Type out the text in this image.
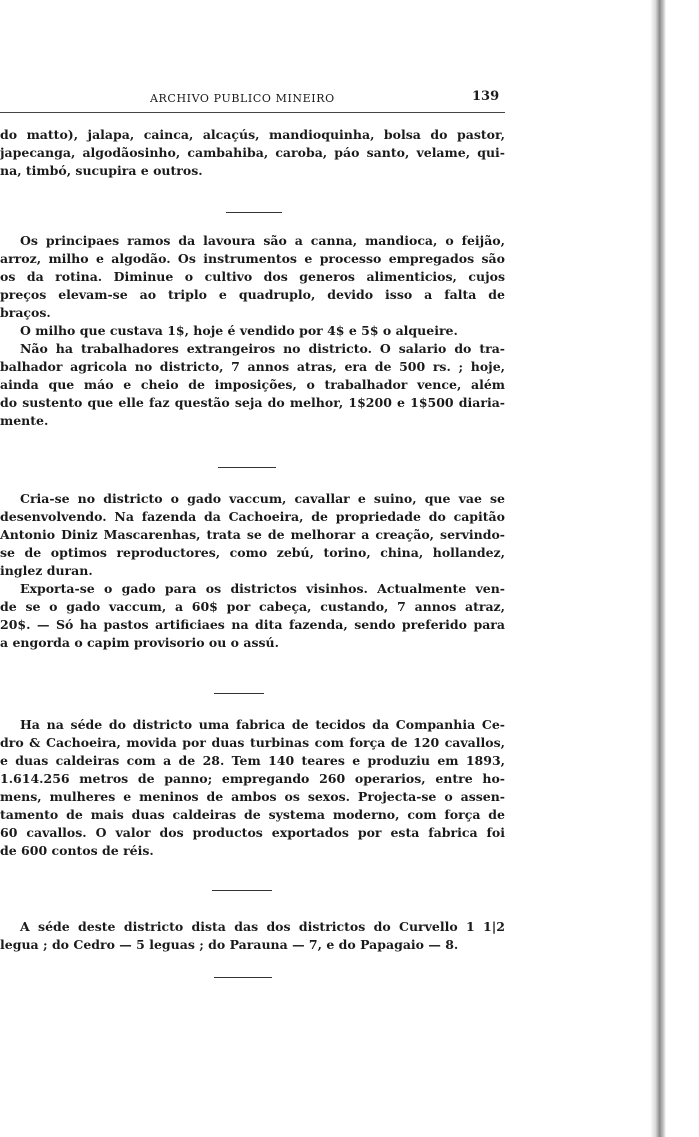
ARCHIVO PUBLICO MINEIRO	139
do matto), jalapa, cainca, alcaçús, mandioquinha, bolsa do pastor,
japecanga, algodãosinho, cambahiba, caroba, páo santo, velame, qui-
na, timbó, sucupira e outros.
Os principaes ramos da lavoura são a canna, mandioca, o feijão,
arroz, milho e algodão. Os instrumentos e processo empregados são
os da rotina. Diminue o cultivo dos generos alimenticios, cujos
preços elevam-se ao triplo e quadruplo, devido isso a falta de
braços.
O milho que custava 1$, hoje é vendido por 4$ e 5$ o alqueire.
Não ha trabalhadores extrangeiros no districto. O salario do tra-
balhador agricola no districto, 7 annos atras, era de 500 rs. ; hoje,
ainda que máo e cheio de imposições, o trabalhador vence, além
do sustento que elle faz questão seja do melhor, 1$200 e 1$500 diaria-
mente.
Cria-se no districto o gado vaccum, cavallar e suino, que vae se
desenvolvendo. Na fazenda da Cachoeira, de propriedade do capitão
Antonio Diniz Mascarenhas, trata se de melhorar a creação, servindo-
se de optimos reproductores, como zebú, torino, china, hollandez,
inglez duran.
Exporta-se o gado para os districtos visinhos. Actualmente ven-
de se o gado vaccum, a 60$ por cabeça, custando, 7 annos atraz,
20$. — Só ha pastos artificiaes na dita fazenda, sendo preferido para
a engorda o capim provisorio ou o assú.
Ha na séde do districto uma fabrica de tecidos da Companhia Ce-
dro & Cachoeira, movida por duas turbinas com força de 120 cavallos,
e duas caldeiras com a de 28. Tem 140 teares e produziu em 1893,
1.614.256 metros de panno; empregando 260 operarios, entre ho-
mens, mulheres e meninos de ambos os sexos. Projecta-se o assen-
tamento de mais duas caldeiras de systema moderno, com força de
60 cavallos. O valor dos productos exportados por esta fabrica foi
de 600 contos de réis.
A séde deste districto dista das dos districtos do Curvello 1 1|2
legua ; do Cedro — 5 leguas ; do Parauna — 7, e do Papagaio — 8.
